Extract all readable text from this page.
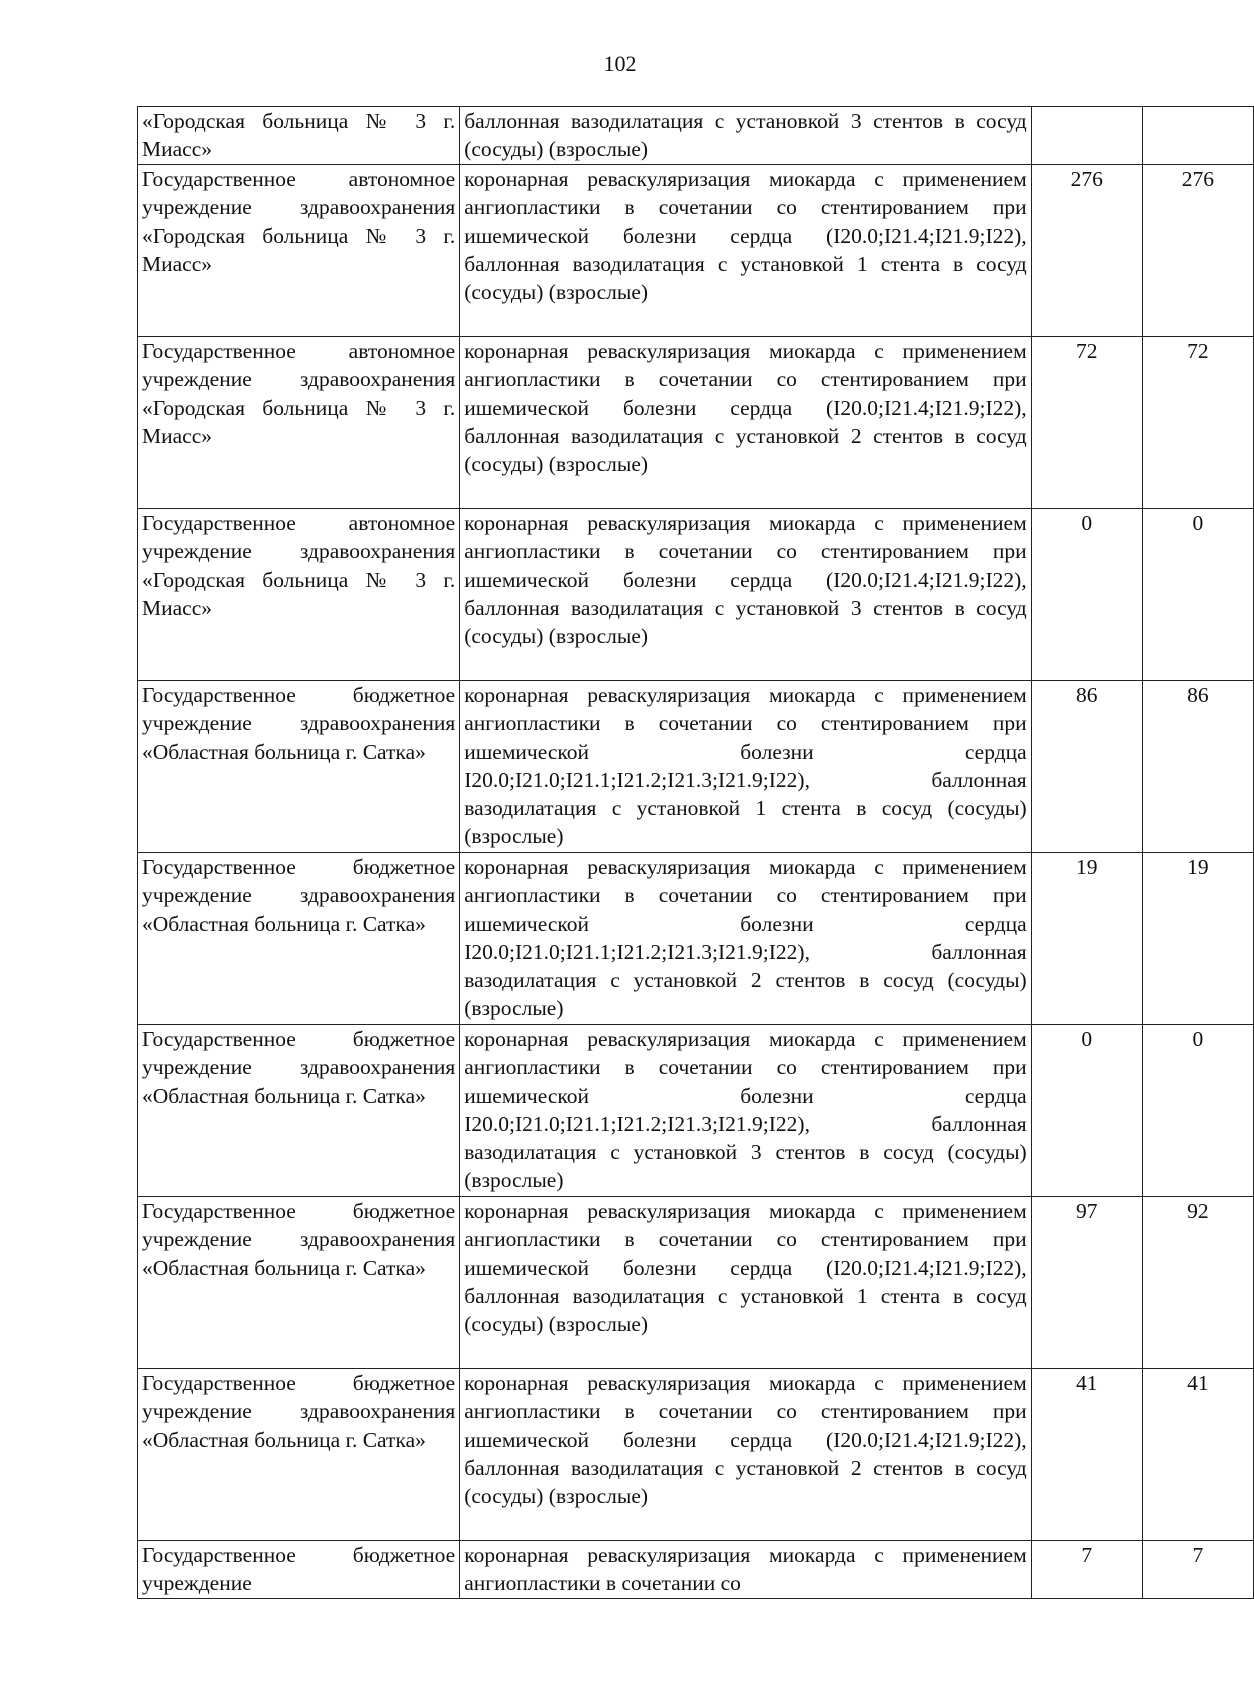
102
«Городская больница № 3 г. Миасс»	баллонная вазодилатация с установкой 3 стентов в сосуд (сосуды) (взрослые)		
Государственное автономное учреждение здравоохранения «Городская больница № 3 г. Миасс»	коронарная реваскуляризация миокарда с применением ангиопластики в сочетании со стентированием при ишемической болезни сердца (I20.0;I21.4;I21.9;I22), баллонная вазодилатация с установкой 1 стента в сосуд (сосуды) (взрослые)	276	276
Государственное автономное учреждение здравоохранения «Городская больница № 3 г. Миасс»	коронарная реваскуляризация миокарда с применением ангиопластики в сочетании со стентированием при ишемической болезни сердца (I20.0;I21.4;I21.9;I22), баллонная вазодилатация с установкой 2 стентов в сосуд (сосуды) (взрослые)	72	72
Государственное автономное учреждение здравоохранения «Городская больница № 3 г. Миасс»	коронарная реваскуляризация миокарда с применением ангиопластики в сочетании со стентированием при ишемической болезни сердца (I20.0;I21.4;I21.9;I22), баллонная вазодилатация с установкой 3 стентов в сосуд (сосуды) (взрослые)	0	0
Государственное бюджетное учреждение здравоохранения «Областная больница г. Сатка»	коронарная реваскуляризация миокарда с применением ангиопластики в сочетании со стентированием при ишемической болезни сердца I20.0;I21.0;I21.1;I21.2;I21.3;I21.9;I22), баллонная вазодилатация с установкой 1 стента в сосуд (сосуды) (взрослые)	86	86
Государственное бюджетное учреждение здравоохранения «Областная больница г. Сатка»	коронарная реваскуляризация миокарда с применением ангиопластики в сочетании со стентированием при ишемической болезни сердца I20.0;I21.0;I21.1;I21.2;I21.3;I21.9;I22), баллонная вазодилатация с установкой 2 стентов в сосуд (сосуды) (взрослые)	19	19
Государственное бюджетное учреждение здравоохранения «Областная больница г. Сатка»	коронарная реваскуляризация миокарда с применением ангиопластики в сочетании со стентированием при ишемической болезни сердца I20.0;I21.0;I21.1;I21.2;I21.3;I21.9;I22), баллонная вазодилатация с установкой 3 стентов в сосуд (сосуды) (взрослые)	0	0
Государственное бюджетное учреждение здравоохранения «Областная больница г. Сатка»	коронарная реваскуляризация миокарда с применением ангиопластики в сочетании со стентированием при ишемической болезни сердца (I20.0;I21.4;I21.9;I22), баллонная вазодилатация с установкой 1 стента в сосуд (сосуды) (взрослые)	97	92
Государственное бюджетное учреждение здравоохранения «Областная больница г. Сатка»	коронарная реваскуляризация миокарда с применением ангиопластики в сочетании со стентированием при ишемической болезни сердца (I20.0;I21.4;I21.9;I22), баллонная вазодилатация с установкой 2 стентов в сосуд (сосуды) (взрослые)	41	41
Государственное бюджетное учреждение	коронарная реваскуляризация миокарда с применением ангиопластики в сочетании со	7	7
